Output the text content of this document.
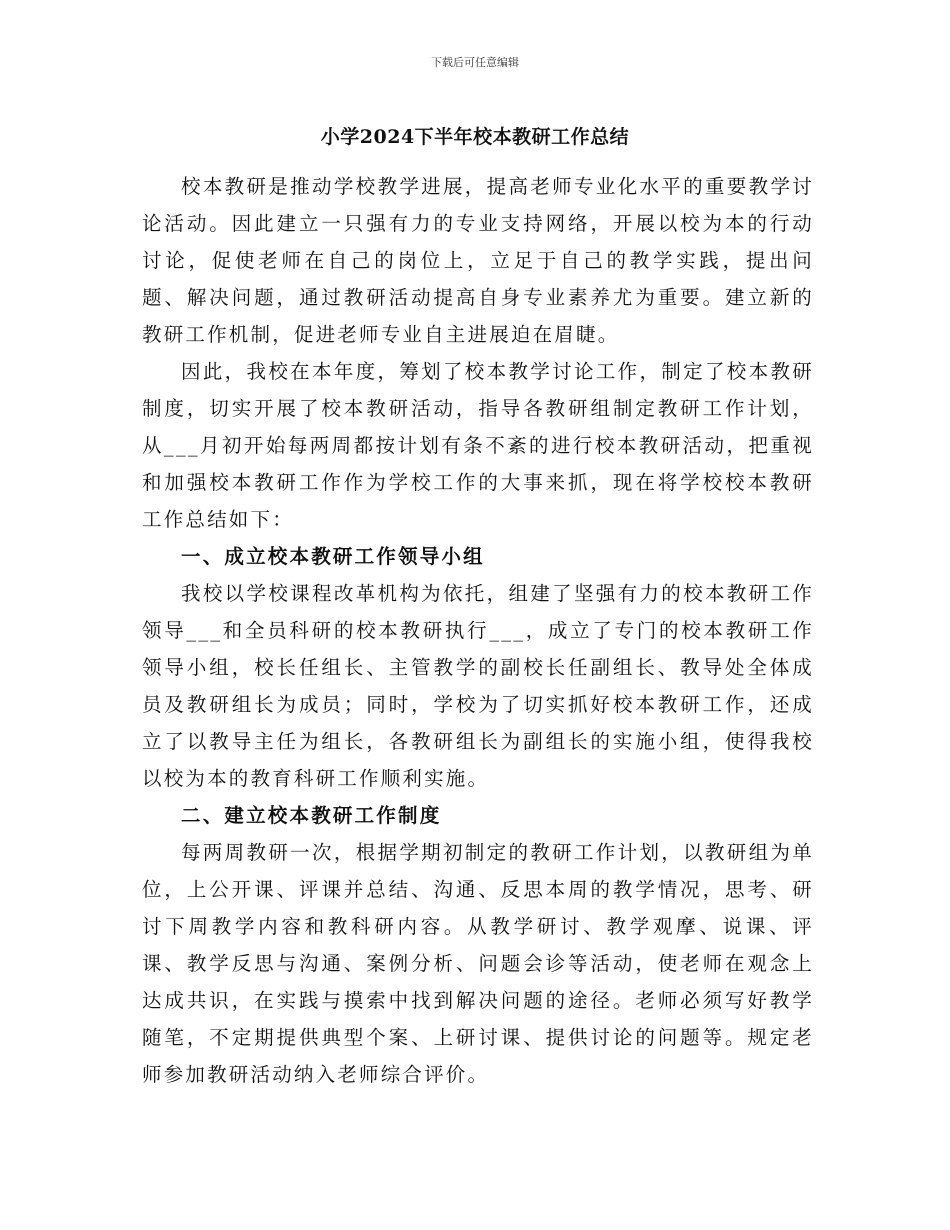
下载后可任意编辑
小学2024下半年校本教研工作总结

校本教研是推动学校教学进展，提高老师专业化水平的重要教学讨论活动。因此建立一只强有力的专业支持网络，开展以校为本的行动讨论，促使老师在自己的岗位上，立足于自己的教学实践，提出问题、解决问题，通过教研活动提高自身专业素养尤为重要。建立新的教研工作机制，促进老师专业自主进展迫在眉睫。

因此，我校在本年度，筹划了校本教学讨论工作，制定了校本教研制度，切实开展了校本教研活动，指导各教研组制定教研工作计划，从___月初开始每两周都按计划有条不紊的进行校本教研活动，把重视和加强校本教研工作作为学校工作的大事来抓，现在将学校校本教研工作总结如下：

一、成立校本教研工作领导小组

我校以学校课程改革机构为依托，组建了坚强有力的校本教研工作领导___和全员科研的校本教研执行___，成立了专门的校本教研工作领导小组，校长任组长、主管教学的副校长任副组长、教导处全体成员及教研组长为成员；同时，学校为了切实抓好校本教研工作，还成立了以教导主任为组长，各教研组长为副组长的实施小组，使得我校以校为本的教育科研工作顺利实施。

二、建立校本教研工作制度

每两周教研一次，根据学期初制定的教研工作计划，以教研组为单位，上公开课、评课并总结、沟通、反思本周的教学情况，思考、研讨下周教学内容和教科研内容。从教学研讨、教学观摩、说课、评课、教学反思与沟通、案例分析、问题会诊等活动，使老师在观念上达成共识，在实践与摸索中找到解决问题的途径。老师必须写好教学随笔，不定期提供典型个案、上研讨课、提供讨论的问题等。规定老师参加教研活动纳入老师综合评价。
